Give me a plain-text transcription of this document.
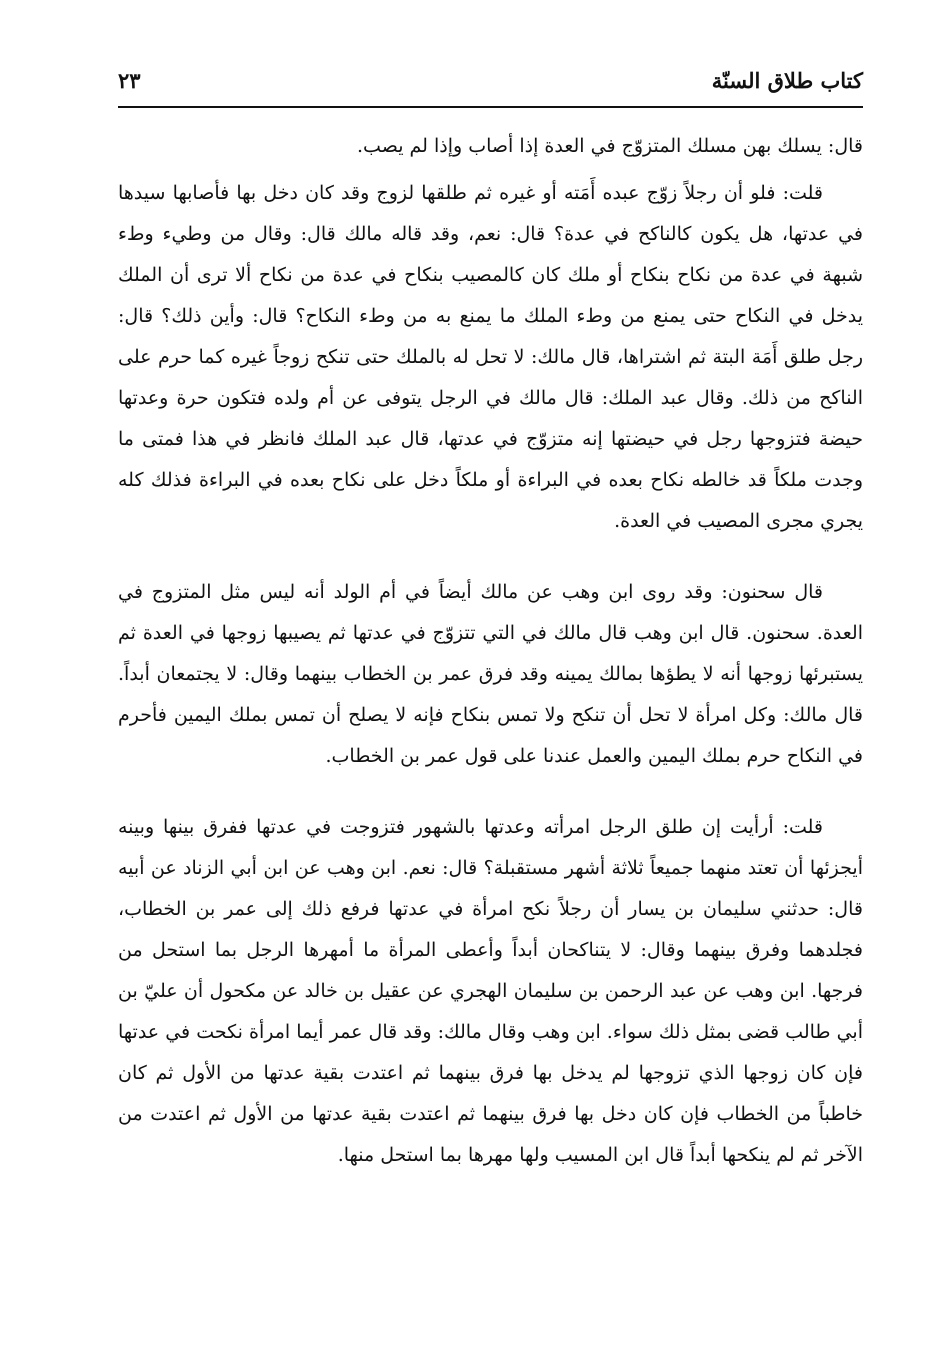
كتاب طلاق السنّة
٢٣

قال: يسلك بهن مسلك المتزوّج في العدة إذا أصاب وإذا لم يصب.

قلت: فلو أن رجلاً زوّج عبده أَمَته أو غيره ثم طلقها لزوج وقد كان دخل بها فأصابها سيدها في عدتها، هل يكون كالناكح في عدة؟ قال: نعم، وقد قاله مالك قال: وقال من وطيء وطء شبهة في عدة من نكاح بنكاح أو ملك كان كالمصيب بنكاح في عدة من نكاح ألا ترى أن الملك يدخل في النكاح حتى يمنع من وطء الملك ما يمنع به من وطء النكاح؟ قال: وأين ذلك؟ قال: رجل طلق أَمَة البتة ثم اشتراها، قال مالك: لا تحل له بالملك حتى تنكح زوجاً غيره كما حرم على الناكح من ذلك. وقال عبد الملك: قال مالك في الرجل يتوفى عن أم ولده فتكون حرة وعدتها حيضة فتزوجها رجل في حيضتها إنه متزوّج في عدتها، قال عبد الملك فانظر في هذا فمتى ما وجدت ملكاً قد خالطه نكاح بعده في البراءة أو ملكاً دخل على نكاح بعده في البراءة فذلك كله يجري مجرى المصيب في العدة.

قال سحنون: وقد روى ابن وهب عن مالك أيضاً في أم الولد أنه ليس مثل المتزوج في العدة. سحنون. قال ابن وهب قال مالك في التي تتزوّج في عدتها ثم يصيبها زوجها في العدة ثم يستبرئها زوجها أنه لا يطؤها بمالك يمينه وقد فرق عمر بن الخطاب بينهما وقال: لا يجتمعان أبداً. قال مالك: وكل امرأة لا تحل أن تنكح ولا تمس بنكاح فإنه لا يصلح أن تمس بملك اليمين فأحرم في النكاح حرم بملك اليمين والعمل عندنا على قول عمر بن الخطاب.

قلت: أرأيت إن طلق الرجل امرأته وعدتها بالشهور فتزوجت في عدتها ففرق بينها وبينه أيجزئها أن تعتد منهما جميعاً ثلاثة أشهر مستقبلة؟ قال: نعم. ابن وهب عن ابن أبي الزناد عن أبيه قال: حدثني سليمان بن يسار أن رجلاً نكح امرأة في عدتها فرفع ذلك إلى عمر بن الخطاب، فجلدهما وفرق بينهما وقال: لا يتناكحان أبداً وأعطى المرأة ما أمهرها الرجل بما استحل من فرجها. ابن وهب عن عبد الرحمن بن سليمان الهجري عن عقيل بن خالد عن مكحول أن عليّ بن أبي طالب قضى بمثل ذلك سواء. ابن وهب وقال مالك: وقد قال عمر أيما امرأة نكحت في عدتها فإن كان زوجها الذي تزوجها لم يدخل بها فرق بينهما ثم اعتدت بقية عدتها من الأول ثم كان خاطباً من الخطاب فإن كان دخل بها فرق بينهما ثم اعتدت بقية عدتها من الأول ثم اعتدت من الآخر ثم لم ينكحها أبداً قال ابن المسيب ولها مهرها بما استحل منها.
